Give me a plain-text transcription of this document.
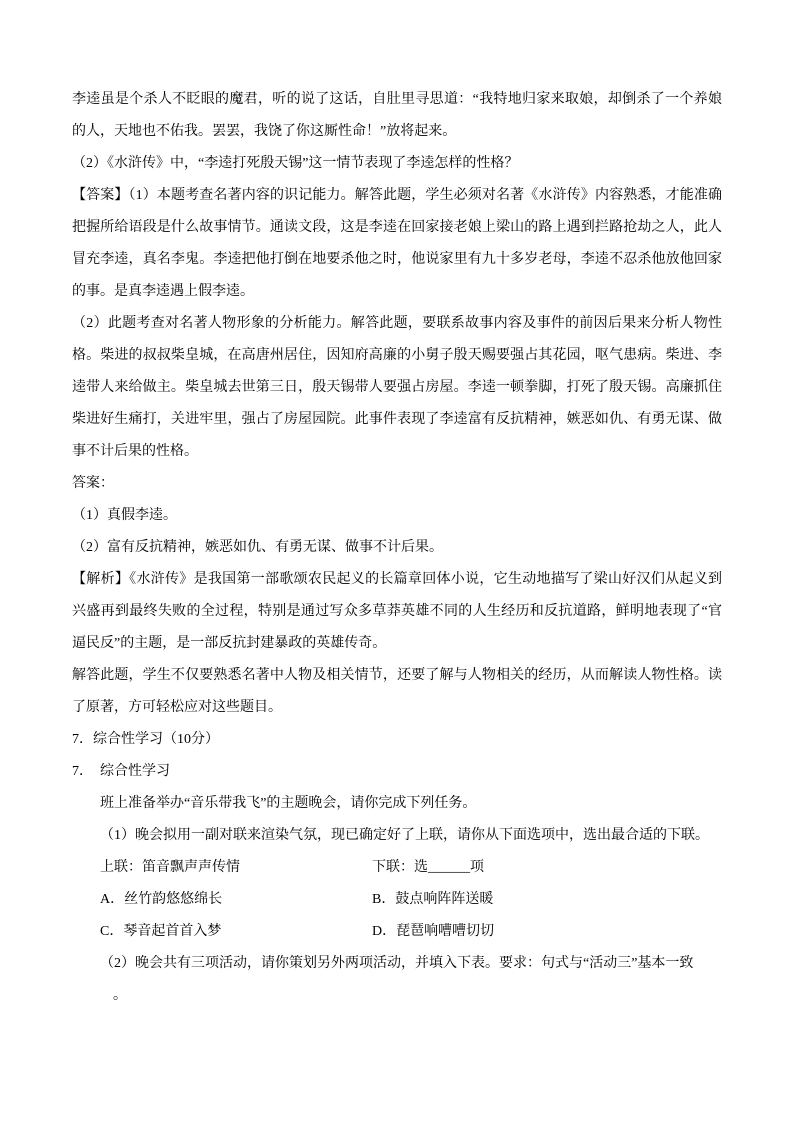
李逵虽是个杀人不眨眼的魔君，听的说了这话，自肚里寻思道：“我特地归家来取娘，却倒杀了一个养娘的人，天地也不佑我。罢罢，我饶了你这厮性命！”放将起来。

（2）《水浒传》中，“李逵打死殷天锡”这一情节表现了李逵怎样的性格？

【答案】（1）本题考查名著内容的识记能力。解答此题，学生必须对名著《水浒传》内容熟悉，才能准确把握所给语段是什么故事情节。通读文段，这是李逵在回家接老娘上梁山的路上遇到拦路抢劫之人，此人冒充李逵，真名李鬼。李逵把他打倒在地要杀他之时，他说家里有九十多岁老母，李逵不忍杀他放他回家的事。是真李逵遇上假李逵。

（2）此题考查对名著人物形象的分析能力。解答此题，要联系故事内容及事件的前因后果来分析人物性格。柴进的叔叔柴皇城，在高唐州居住，因知府高廉的小舅子殷天赐要强占其花园，呕气患病。柴进、李逵带人来给做主。柴皇城去世第三日，殷天锡带人要强占房屋。李逵一顿拳脚，打死了殷天锡。高廉抓住柴进好生痛打，关进牢里，强占了房屋园院。此事件表现了李逵富有反抗精神，嫉恶如仇、有勇无谋、做事不计后果的性格。

答案：

（1）真假李逵。

（2）富有反抗精神，嫉恶如仇、有勇无谋、做事不计后果。

【解析】《水浒传》是我国第一部歌颂农民起义的长篇章回体小说，它生动地描写了梁山好汉们从起义到兴盛再到最终失败的全过程，特别是通过写众多草莽英雄不同的人生经历和反抗道路，鲜明地表现了“官逼民反”的主题，是一部反抗封建暴政的英雄传奇。

解答此题，学生不仅要熟悉名著中人物及相关情节，还要了解与人物相关的经历，从而解读人物性格。读了原著，方可轻松应对这些题目。

7．综合性学习（10分）

7．　综合性学习

班上准备举办“音乐带我飞”的主题晚会，请你完成下列任务。

（1）晚会拟用一副对联来渲染气氛，现已确定好了上联，请你从下面选项中，选出最合适的下联。

上联：笛音飘声声传情	下联：选______项
A．丝竹韵悠悠绵长	B．鼓点响阵阵送暖
C．琴音起首首入梦	D．琵琶响嘈嘈切切

（2）晚会共有三项活动，请你策划另外两项活动，并填入下表。要求：句式与“活动三”基本一致

。
